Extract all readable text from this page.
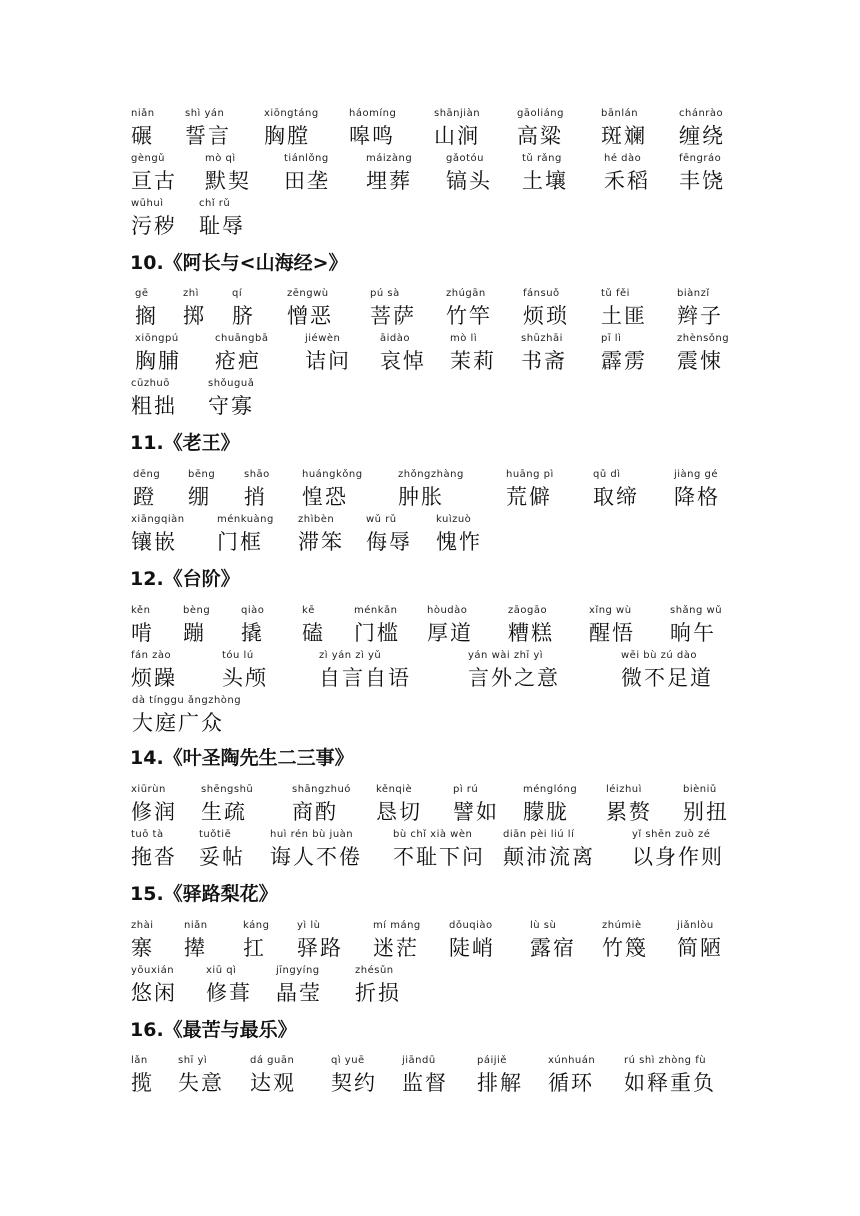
niǎn
碾
shì yán
誓言
xiōngtáng
胸膛
háomíng
嗥鸣
shānjiàn
山涧
gāoliáng
高粱
bānlán
斑斓
chánrào
缠绕
gèngǔ
亘古
mò qì
默契
tiánlǒng
田垄
máizàng
埋葬
gǎotóu
镐头
tǔ rǎng
土壤
hé dào
禾稻
fēngráo
丰饶
wūhuì
污秽
chǐ rǔ
耻辱
10.《阿长与<山海经>》
gē
搁
zhì
掷
qí
脐
zēngwù
憎恶
pú sà
菩萨
zhúgān
竹竿
fánsuǒ
烦琐
tǔ fěi
土匪
biànzǐ
辫子
xiōngpú
胸脯
chuāngbā
疮疤
jiéwèn
诘问
āidào
哀悼
mò lì
茉莉
shūzhāi
书斋
pī lì
霹雳
zhènsǒng
震悚
cūzhuō
粗拙
shǒuguǎ
守寡
11.《老王》
dēng
蹬
bēng
绷
shāo
捎
huángkǒng
惶恐
zhǒngzhàng
肿胀
huāng pì
荒僻
qǔ dì
取缔
jiàng gé
降格
xiāngqiàn
镶嵌
ménkuàng
门框
zhìbèn
滞笨
wǔ rǔ
侮辱
kuìzuò
愧怍
12.《台阶》
kěn
啃
bèng
蹦
qiào
撬
kē
磕
ménkǎn
门槛
hòudào
厚道
zāogāo
糟糕
xǐng wù
醒悟
shǎng wǔ
晌午
fán zào
烦躁
tóu lú
头颅
zì yán zì yǔ
自言自语
yán wài zhī yì
言外之意
wēi bù zú dào
微不足道
dà tínggu ǎngzhòng
大庭广众
14.《叶圣陶先生二三事》
xiūrùn
修润
shēngshū
生疏
shāngzhuó
商酌
kěnqiè
恳切
pì rú
譬如
ménglóng
朦胧
léizhuì
累赘
bièniǔ
别扭
tuō tà
拖沓
tuǒtiē
妥帖
huì rén bù juàn
诲人不倦
bù chǐ xià wèn
不耻下问
diān pèi liú lí
颠沛流离
yǐ shēn zuò zé
以身作则
15.《驿路梨花》
zhài
寨
niǎn
撵
káng
扛
yì lù
驿路
mí máng
迷茫
dǒuqiào
陡峭
lù sù
露宿
zhúmiè
竹篾
jiǎnlòu
简陋
yōuxián
悠闲
xiū qì
修葺
jīngyíng
晶莹
zhésǔn
折损
16.《最苦与最乐》
lǎn
揽
shī yì
失意
dá guān
达观
qì yuē
契约
jiāndū
监督
páijiě
排解
xúnhuán
循环
rú shì zhòng fù
如释重负
